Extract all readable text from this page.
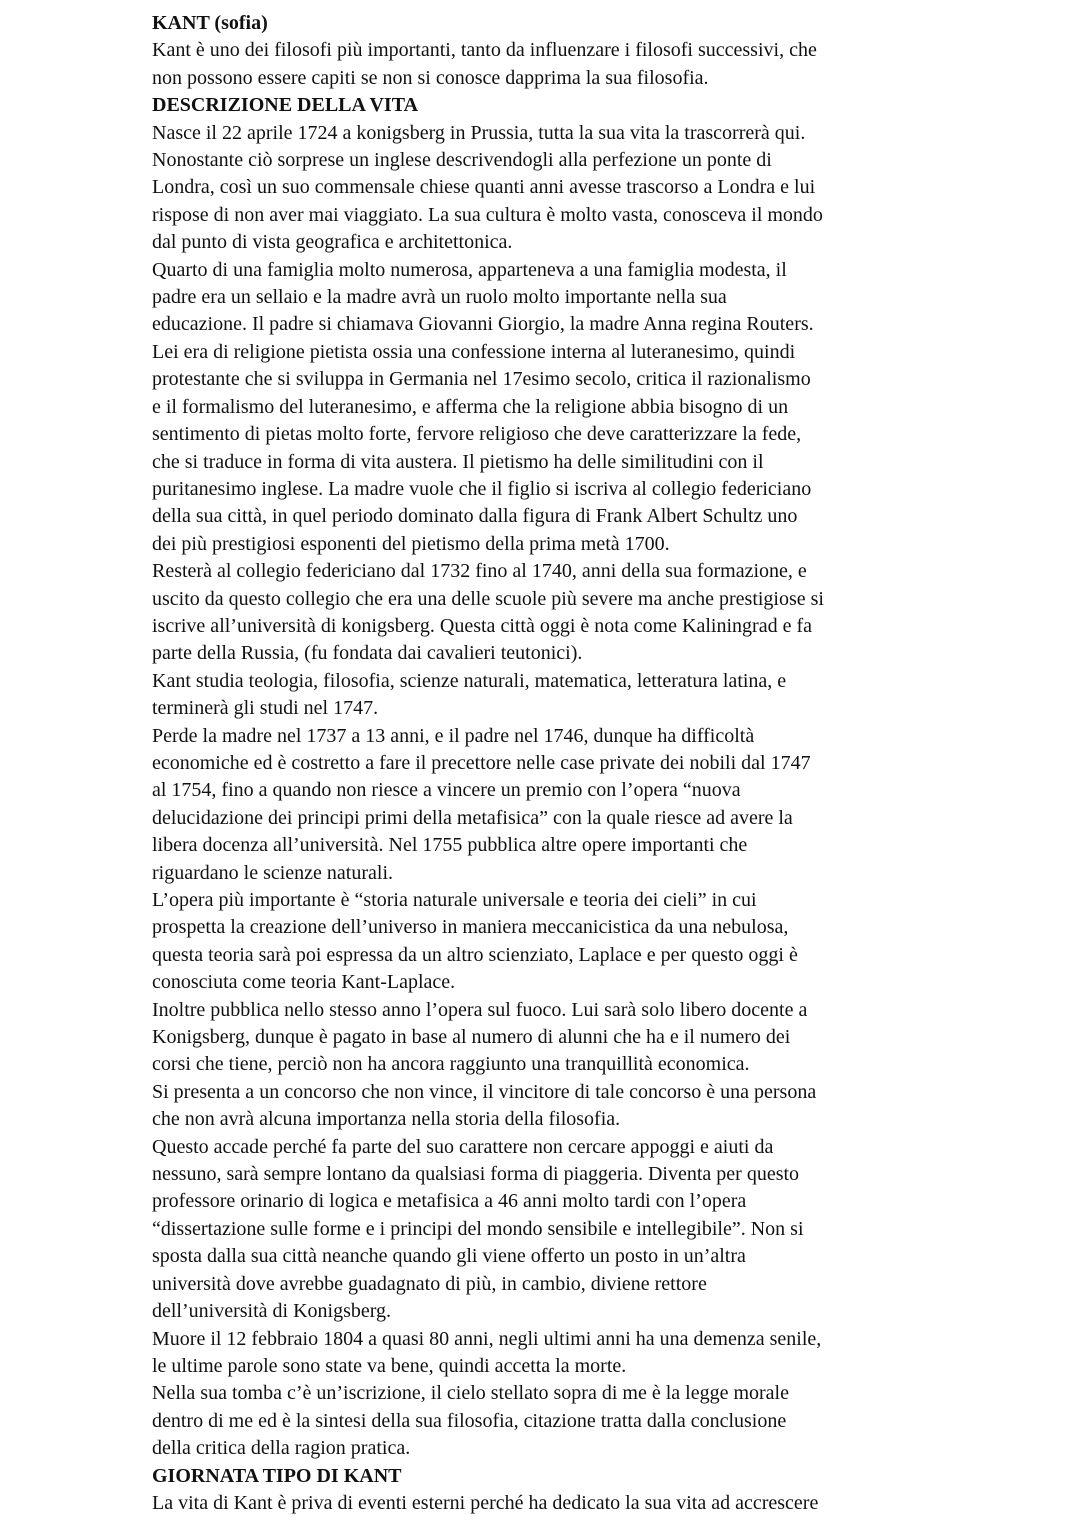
KANT (sofia)

Kant è uno dei filosofi più importanti, tanto da influenzare i filosofi successivi, che

non possono essere capiti se non si conosce dapprima la sua filosofia.

DESCRIZIONE DELLA VITA

Nasce il 22 aprile 1724 a konigsberg in Prussia, tutta la sua vita la trascorrerà qui.

Nonostante ciò sorprese un inglese descrivendogli alla perfezione un ponte di

Londra, così un suo commensale chiese quanti anni avesse trascorso a Londra e lui

rispose di non aver mai viaggiato. La sua cultura è molto vasta, conosceva il mondo

dal punto di vista geografica e architettonica.

Quarto di una famiglia molto numerosa, apparteneva a una famiglia modesta, il

padre era un sellaio e la madre avrà un ruolo molto importante nella sua

educazione. Il padre si chiamava Giovanni Giorgio, la madre Anna regina Routers.

Lei era di religione pietista ossia una confessione interna al luteranesimo, quindi

protestante che si sviluppa in Germania nel 17esimo secolo, critica il razionalismo

e il formalismo del luteranesimo, e afferma che la religione abbia bisogno di un

sentimento di pietas molto forte, fervore religioso che deve caratterizzare la fede,

che si traduce in forma di vita austera. Il pietismo ha delle similitudini con il

puritanesimo inglese. La madre vuole che il figlio si iscriva al collegio federiciano

della sua città, in quel periodo dominato dalla figura di Frank Albert Schultz uno

dei più prestigiosi esponenti del pietismo della prima metà 1700.

Resterà al collegio federiciano dal 1732 fino al 1740, anni della sua formazione, e

uscito da questo collegio che era una delle scuole più severe ma anche prestigiose si

iscrive all’università di konigsberg. Questa città oggi è nota come Kaliningrad e fa

parte della Russia, (fu fondata dai cavalieri teutonici).

Kant studia teologia, filosofia, scienze naturali, matematica, letteratura latina, e

terminerà gli studi nel 1747.

Perde la madre nel 1737 a 13 anni, e il padre nel 1746, dunque ha difficoltà

economiche ed è costretto a fare il precettore nelle case private dei nobili dal 1747

al 1754, fino a quando non riesce a vincere un premio con l’opera “nuova

delucidazione dei principi primi della metafisica” con la quale riesce ad avere la

libera docenza all’università. Nel 1755 pubblica altre opere importanti che

riguardano le scienze naturali.

L’opera più importante è “storia naturale universale e teoria dei cieli” in cui

prospetta la creazione dell’universo in maniera meccanicistica da una nebulosa,

questa teoria sarà poi espressa da un altro scienziato, Laplace e per questo oggi è

conosciuta come teoria Kant-Laplace.

Inoltre pubblica nello stesso anno l’opera sul fuoco. Lui sarà solo libero docente a

Konigsberg, dunque è pagato in base al numero di alunni che ha e il numero dei

corsi che tiene, perciò non ha ancora raggiunto una tranquillità economica.

Si presenta a un concorso che non vince, il vincitore di tale concorso è una persona

che non avrà alcuna importanza nella storia della filosofia.

Questo accade perché fa parte del suo carattere non cercare appoggi e aiuti da

nessuno, sarà sempre lontano da qualsiasi forma di piaggeria. Diventa per questo

professore orinario di logica e metafisica a 46 anni molto tardi con l’opera

“dissertazione sulle forme e i principi del mondo sensibile e intellegibile”. Non si

sposta dalla sua città neanche quando gli viene offerto un posto in un’altra

università dove avrebbe guadagnato di più, in cambio, diviene rettore

dell’università di Konigsberg.

Muore il 12 febbraio 1804 a quasi 80 anni, negli ultimi anni ha una demenza senile,

le ultime parole sono state va bene, quindi accetta la morte.

Nella sua tomba c’è un’iscrizione, il cielo stellato sopra di me è la legge morale

dentro di me ed è la sintesi della sua filosofia, citazione tratta dalla conclusione

della critica della ragion pratica.

GIORNATA TIPO DI KANT

La vita di Kant è priva di eventi esterni perché ha dedicato la sua vita ad accrescere
